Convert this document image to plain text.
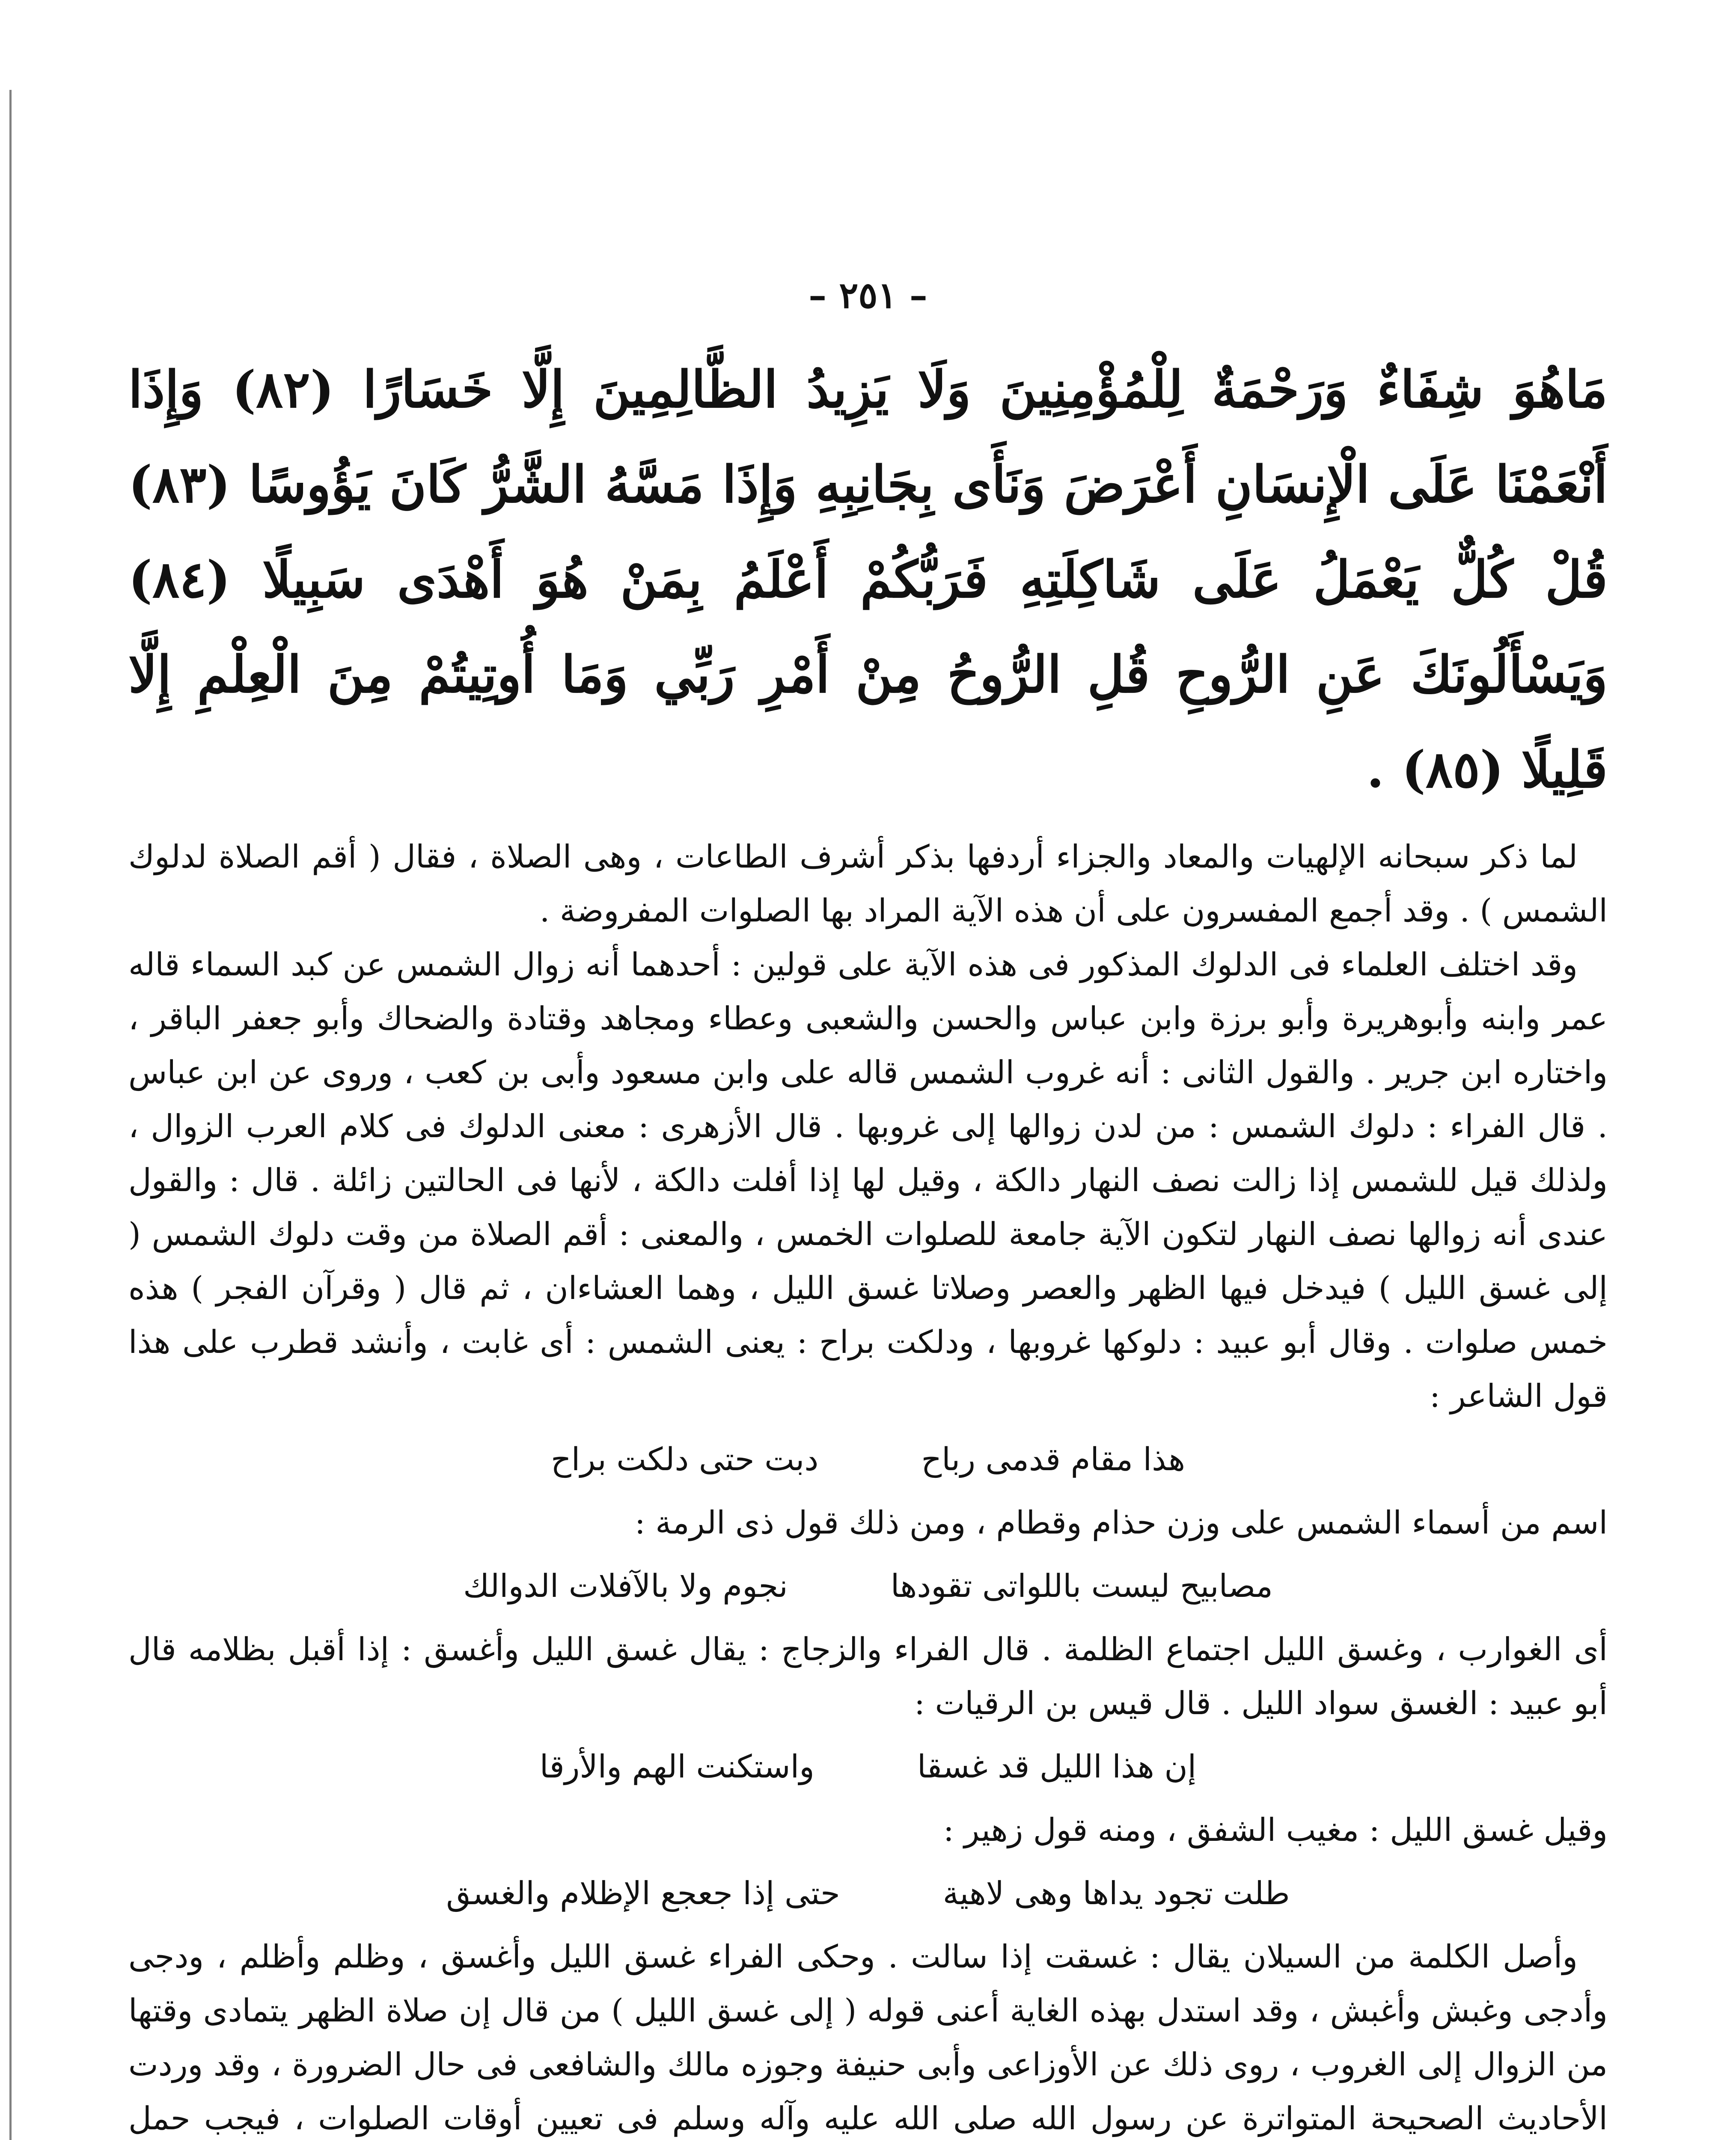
– ٢٥١ –

مَاهُوَ شِفَاءٌ وَرَحْمَةٌ لِلْمُؤْمِنِينَ وَلَا يَزِيدُ الظَّالِمِينَ إِلَّا خَسَارًا (٨٢) وَإِذَا أَنْعَمْنَا عَلَى الْإِنسَانِ أَعْرَضَ وَنَأَى بِجَانِبِهِ وَإِذَا مَسَّهُ الشَّرُّ كَانَ يَؤُوسًا (٨٣) قُلْ كُلٌّ يَعْمَلُ عَلَى شَاكِلَتِهِ فَرَبُّكُمْ أَعْلَمُ بِمَنْ هُوَ أَهْدَى سَبِيلًا (٨٤) وَيَسْأَلُونَكَ عَنِ الرُّوحِ قُلِ الرُّوحُ مِنْ أَمْرِ رَبِّي وَمَا أُوتِيتُمْ مِنَ الْعِلْمِ إِلَّا قَلِيلًا (٨٥) .

لما ذكر سبحانه الإلهيات والمعاد والجزاء أردفها بذكر أشرف الطاعات ، وهى الصلاة ، فقال ( أقم الصلاة لدلوك الشمس ) . وقد أجمع المفسرون على أن هذه الآية المراد بها الصلوات المفروضة .

وقد اختلف العلماء فى الدلوك المذكور فى هذه الآية على قولين : أحدهما أنه زوال الشمس عن كبد السماء قاله عمر وابنه وأبوهريرة وأبو برزة وابن عباس والحسن والشعبى وعطاء ومجاهد وقتادة والضحاك وأبو جعفر الباقر ، واختاره ابن جرير . والقول الثانى : أنه غروب الشمس قاله على وابن مسعود وأبى بن كعب ، وروى عن ابن عباس . قال الفراء : دلوك الشمس : من لدن زوالها إلى غروبها . قال الأزهرى : معنى الدلوك فى كلام العرب الزوال ، ولذلك قيل للشمس إذا زالت نصف النهار دالكة ، وقيل لها إذا أفلت دالكة ، لأنها فى الحالتين زائلة . قال : والقول عندى أنه زوالها نصف النهار لتكون الآية جامعة للصلوات الخمس ، والمعنى : أقم الصلاة من وقت دلوك الشمس ( إلى غسق الليل ) فيدخل فيها الظهر والعصر وصلاتا غسق الليل ، وهما العشاءان ، ثم قال ( وقرآن الفجر ) هذه خمس صلوات . وقال أبو عبيد : دلوكها غروبها ، ودلكت براح : يعنى الشمس : أى غابت ، وأنشد قطرب على هذا قول الشاعر :

هذا مقام قدمى رباح
دبت حتى دلكت براح

اسم من أسماء الشمس على وزن حذام وقطام ، ومن ذلك قول ذى الرمة :

مصابيح ليست باللواتى تقودها
نجوم ولا بالآفلات الدوالك

أى الغوارب ، وغسق الليل اجتماع الظلمة . قال الفراء والزجاج : يقال غسق الليل وأغسق : إذا أقبل بظلامه قال أبو عبيد : الغسق سواد الليل . قال قيس بن الرقيات :

إن هذا الليل قد غسقا
واستكنت الهم والأرقا

وقيل غسق الليل : مغيب الشفق ، ومنه قول زهير :

طلت تجود يداها وهى لاهية
حتى إذا جعجع الإظلام والغسق

وأصل الكلمة من السيلان يقال : غسقت إذا سالت . وحكى الفراء غسق الليل وأغسق ، وظلم وأظلم ، ودجى وأدجى وغبش وأغبش ، وقد استدل بهذه الغاية أعنى قوله ( إلى غسق الليل ) من قال إن صلاة الظهر يتمادى وقتها من الزوال إلى الغروب ، روى ذلك عن الأوزاعى وأبى حنيفة وجوزه مالك والشافعى فى حال الضرورة ، وقد وردت الأحاديث الصحيحة المتواترة عن رسول الله صلى الله عليه وآله وسلم فى تعيين أوقات الصلوات ، فيجب حمل
